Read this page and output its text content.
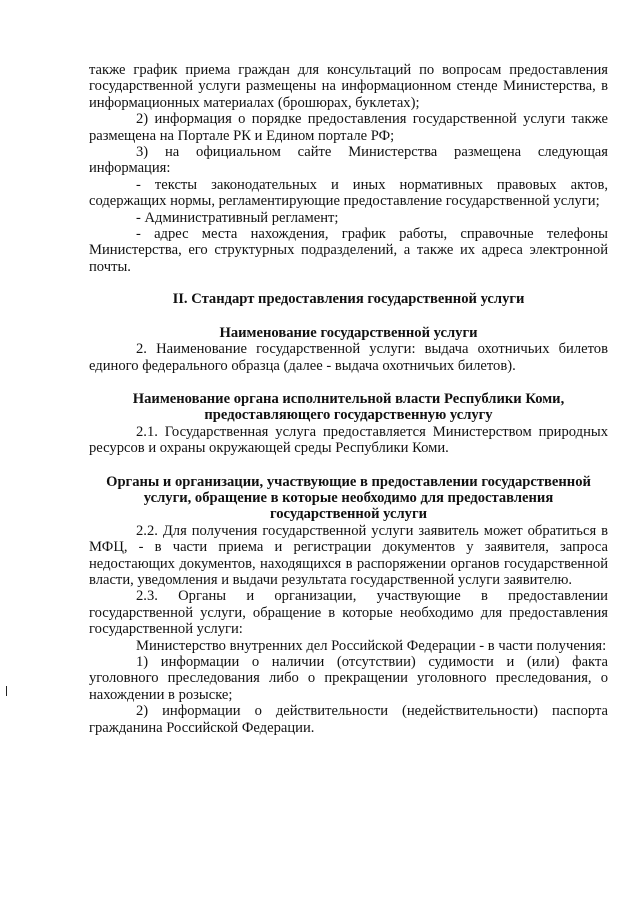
также график приема граждан для консультаций по вопросам предоставления государственной услуги размещены на информационном стенде Министерства, в информационных материалах (брошюрах, буклетах);

2) информация о порядке предоставления государственной услуги также размещена на Портале РК и Едином портале РФ;

3) на официальном сайте Министерства размещена следующая информация:

- тексты законодательных и иных нормативных правовых актов, содержащих нормы, регламентирующие предоставление государственной услуги;

- Административный регламент;

- адрес места нахождения, график работы, справочные телефоны Министерства, его структурных подразделений, а также их адреса электронной почты.

II. Стандарт предоставления государственной услуги

Наименование государственной услуги

2. Наименование государственной услуги: выдача охотничьих билетов единого федерального образца (далее - выдача охотничьих билетов).

Наименование органа исполнительной власти Республики Коми,

предоставляющего государственную услугу

2.1. Государственная услуга предоставляется Министерством природных ресурсов и охраны окружающей среды Республики Коми.

Органы и организации, участвующие в предоставлении государственной

услуги, обращение в которые необходимо для предоставления

государственной услуги

2.2. Для получения государственной услуги заявитель может обратиться в МФЦ, - в части приема и регистрации документов у заявителя, запроса недостающих документов, находящихся в распоряжении органов государственной власти, уведомления и выдачи результата государственной услуги заявителю.

2.3. Органы и организации, участвующие в предоставлении государственной услуги, обращение в которые необходимо для предоставления государственной услуги:

Министерство внутренних дел Российской Федерации - в части получения:

1) информации о наличии (отсутствии) судимости и (или) факта уголовного преследования либо о прекращении уголовного преследования, о нахождении в розыске;

2) информации о действительности (недействительности) паспорта гражданина Российской Федерации.
